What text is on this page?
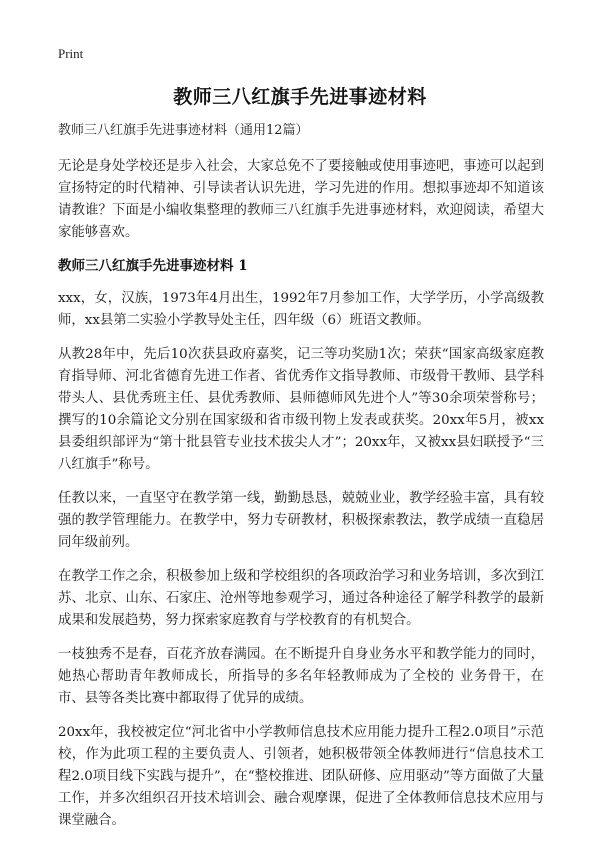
Print
教师三八红旗手先进事迹材料

教师三八红旗手先进事迹材料（通用12篇）

无论是身处学校还是步入社会，大家总免不了要接触或使用事迹吧，事迹可以起到宣扬特定的时代精神、引导读者认识先进，学习先进的作用。想拟事迹却不知道该请教谁？下面是小编收集整理的教师三八红旗手先进事迹材料，欢迎阅读，希望大家能够喜欢。

教师三八红旗手先进事迹材料 1

xxx，女，汉族，1973年4月出生，1992年7月参加工作，大学学历，小学高级教师，xx县第二实验小学教导处主任，四年级（6）班语文教师。

从教28年中，先后10次获县政府嘉奖，记三等功奖励1次；荣获“国家高级家庭教育指导师、河北省德育先进工作者、省优秀作文指导教师、市级骨干教师、县学科带头人、县优秀班主任、县优秀教师、县师德师风先进个人”等30余项荣誉称号；撰写的10余篇论文分别在国家级和省市级刊物上发表或获奖。20xx年5月，被xx县委组织部评为“第十批县管专业技术拔尖人才”；20xx年，又被xx县妇联授予“三八红旗手”称号。

任教以来，一直坚守在教学第一线，勤勤恳恳，兢兢业业，教学经验丰富，具有较强的教学管理能力。在教学中，努力专研教材，积极探索教法，教学成绩一直稳居同年级前列。

在教学工作之余，积极参加上级和学校组织的各项政治学习和业务培训，多次到江苏、北京、山东、石家庄、沧州等地参观学习，通过各种途径了解学科教学的最新成果和发展趋势，努力探索家庭教育与学校教育的有机契合。

一枝独秀不是春，百花齐放春满园。在不断提升自身业务水平和教学能力的同时，她热心帮助青年教师成长，所指导的多名年轻教师成为了全校的 业务骨干，在市、县等各类比赛中都取得了优异的成绩。

20xx年，我校被定位“河北省中小学教师信息技术应用能力提升工程2.0项目”示范校，作为此项工程的主要负责人、引领者，她积极带领全体教师进行“信息技术工程2.0项目线下实践与提升”，在“整校推进、团队研修、应用驱动”等方面做了大量工作，并多次组织召开技术培训会、融合观摩课，促进了全体教师信息技术应用与课堂融合。
